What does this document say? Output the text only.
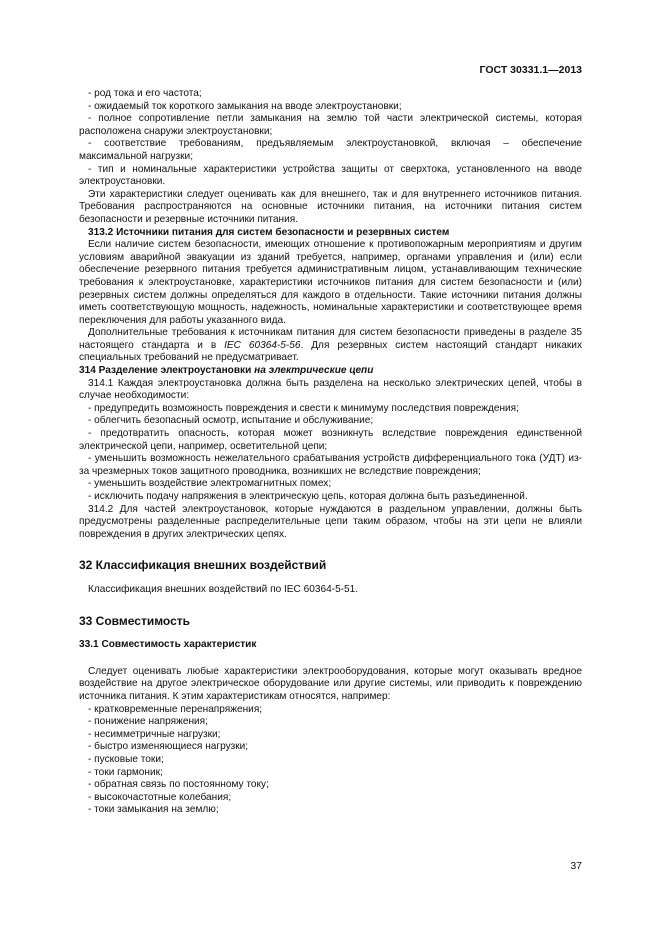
ГОСТ 30331.1—2013

- род тока и его частота;

- ожидаемый ток короткого замыкания на вводе электроустановки;

- полное сопротивление петли замыкания на землю той части электрической системы, которая расположена снаружи электроустановки;

- соответствие требованиям, предъявляемым электроустановкой, включая – обеспечение максимальной нагрузки;

- тип и номинальные характеристики устройства защиты от сверхтока, установленного на вводе электроустановки.

Эти характеристики следует оценивать как для внешнего, так и для внутреннего источников питания. Требования распространяются на основные источники питания, на источники питания систем безопасности и резервные источники питания.

313.2 Источники питания для систем безопасности и резервных систем

Если наличие систем безопасности, имеющих отношение к противопожарным мероприятиям и другим условиям аварийной эвакуации из зданий требуется, например, органами управления и (или) если обеспечение резервного питания требуется административным лицом, устанавливающим технические требования к электроустановке, характеристики источников питания для систем безопасности и (или) резервных систем должны определяться для каждого в отдельности. Такие источники питания должны иметь соответствующую мощность, надежность, номинальные характеристики и соответствующее время переключения для работы указанного вида.

Дополнительные требования к источникам питания для систем безопасности приведены в разделе 35 настоящего стандарта и в IEC 60364-5-56. Для резервных систем настоящий стандарт никаких специальных требований не предусматривает.

314 Разделение электроустановки на электрические цепи

314.1 Каждая электроустановка должна быть разделена на несколько электрических цепей, чтобы в случае необходимости:

- предупредить возможность повреждения и свести к минимуму последствия повреждения;

- облегчить безопасный осмотр, испытание и обслуживание;

- предотвратить опасность, которая может возникнуть вследствие повреждения единственной электрической цепи, например, осветительной цепи;

- уменьшить возможность нежелательного срабатывания устройств дифференциального тока (УДТ) из-за чрезмерных токов защитного проводника, возникших не вследствие повреждения;

- уменьшить воздействие электромагнитных помех;

- исключить подачу напряжения в электрическую цепь, которая должна быть разъединенной.

314.2 Для частей электроустановок, которые нуждаются в раздельном управлении, должны быть предусмотрены разделенные распределительные цепи таким образом, чтобы на эти цепи не влияли повреждения в других электрических цепях.

32 Классификация внешних воздействий

Классификация внешних воздействий по IEC 60364-5-51.

33 Совместимость
33.1 Совместимость характеристик

Следует оценивать любые характеристики электрооборудования, которые могут оказывать вредное воздействие на другое электрическое оборудование или другие системы, или приводить к повреждению источника питания. К этим характеристикам относятся, например:

- кратковременные перенапряжения;

- понижение напряжения;

- несимметричные нагрузки;

- быстро изменяющиеся нагрузки;

- пусковые токи;

- токи гармоник;

- обратная связь по постоянному току;

- высокочастотные колебания;

- токи замыкания на землю;

37
